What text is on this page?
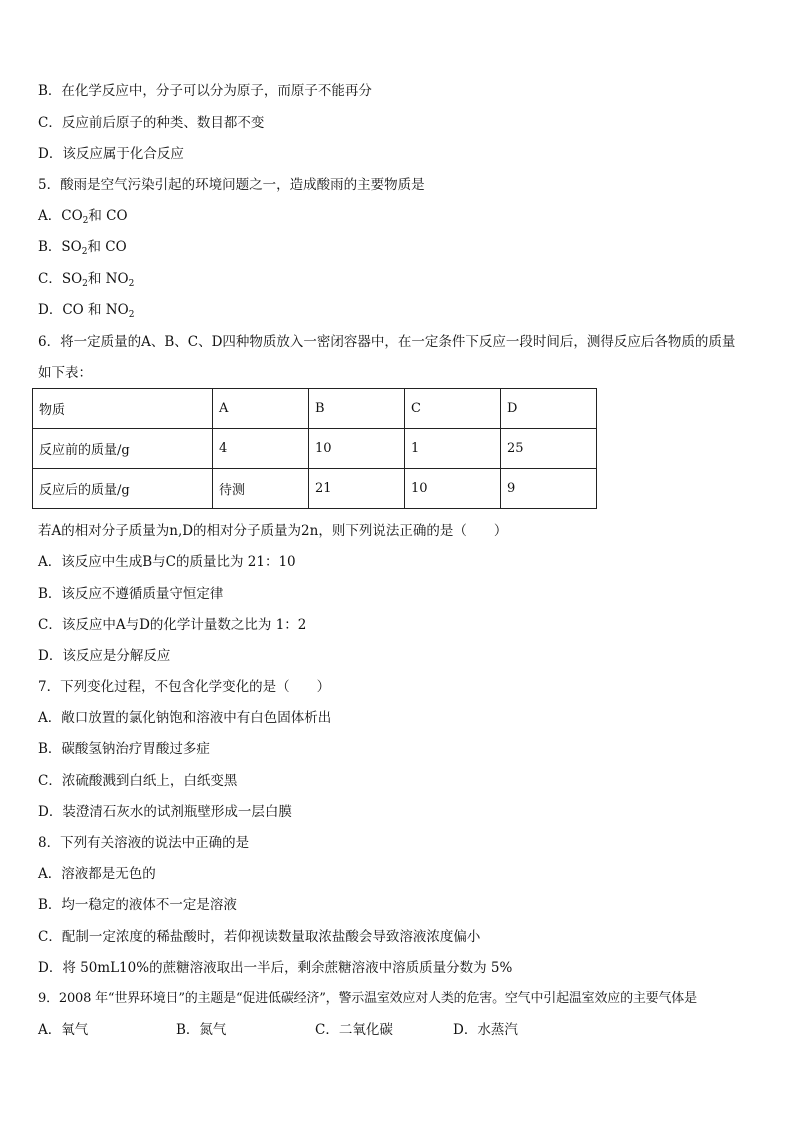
B．在化学反应中，分子可以分为原子，而原子不能再分
C．反应前后原子的种类、数目都不变
D．该反应属于化合反应
5．酸雨是空气污染引起的环境问题之一，造成酸雨的主要物质是
A．$CO_2$和 CO
B．$SO_2$和 CO
C．$SO_2$和 $NO_2$
D．CO 和 $NO_2$
6．将一定质量的A、B、C、D四种物质放入一密闭容器中，在一定条件下反应一段时间后，测得反应后各物质的质量
如下表：
物质	A	B	C	D
反应前的质量/g	4	10	1	25
反应后的质量/g	待测	21	10	9
若A的相对分子质量为n,D的相对分子质量为2n，则下列说法正确的是（　　）
A．该反应中生成B与C的质量比为 21：10
B．该反应不遵循质量守恒定律
C．该反应中A与D的化学计量数之比为 1：2
D．该反应是分解反应
7．下列变化过程，不包含化学变化的是（　　）
A．敞口放置的氯化钠饱和溶液中有白色固体析出
B．碳酸氢钠治疗胃酸过多症
C．浓硫酸溅到白纸上，白纸变黑
D．装澄清石灰水的试剂瓶壁形成一层白膜
8．下列有关溶液的说法中正确的是
A．溶液都是无色的
B．均一稳定的液体不一定是溶液
C．配制一定浓度的稀盐酸时，若仰视读数量取浓盐酸会导致溶液浓度偏小
D．将 50mL10%的蔗糖溶液取出一半后，剩余蔗糖溶液中溶质质量分数为 5%
9．2008 年“世界环境日”的主题是“促进低碳经济”，警示温室效应对人类的危害。空气中引起温室效应的主要气体是
A．氧气	B．氮气	C．二氧化碳	D．水蒸汽
